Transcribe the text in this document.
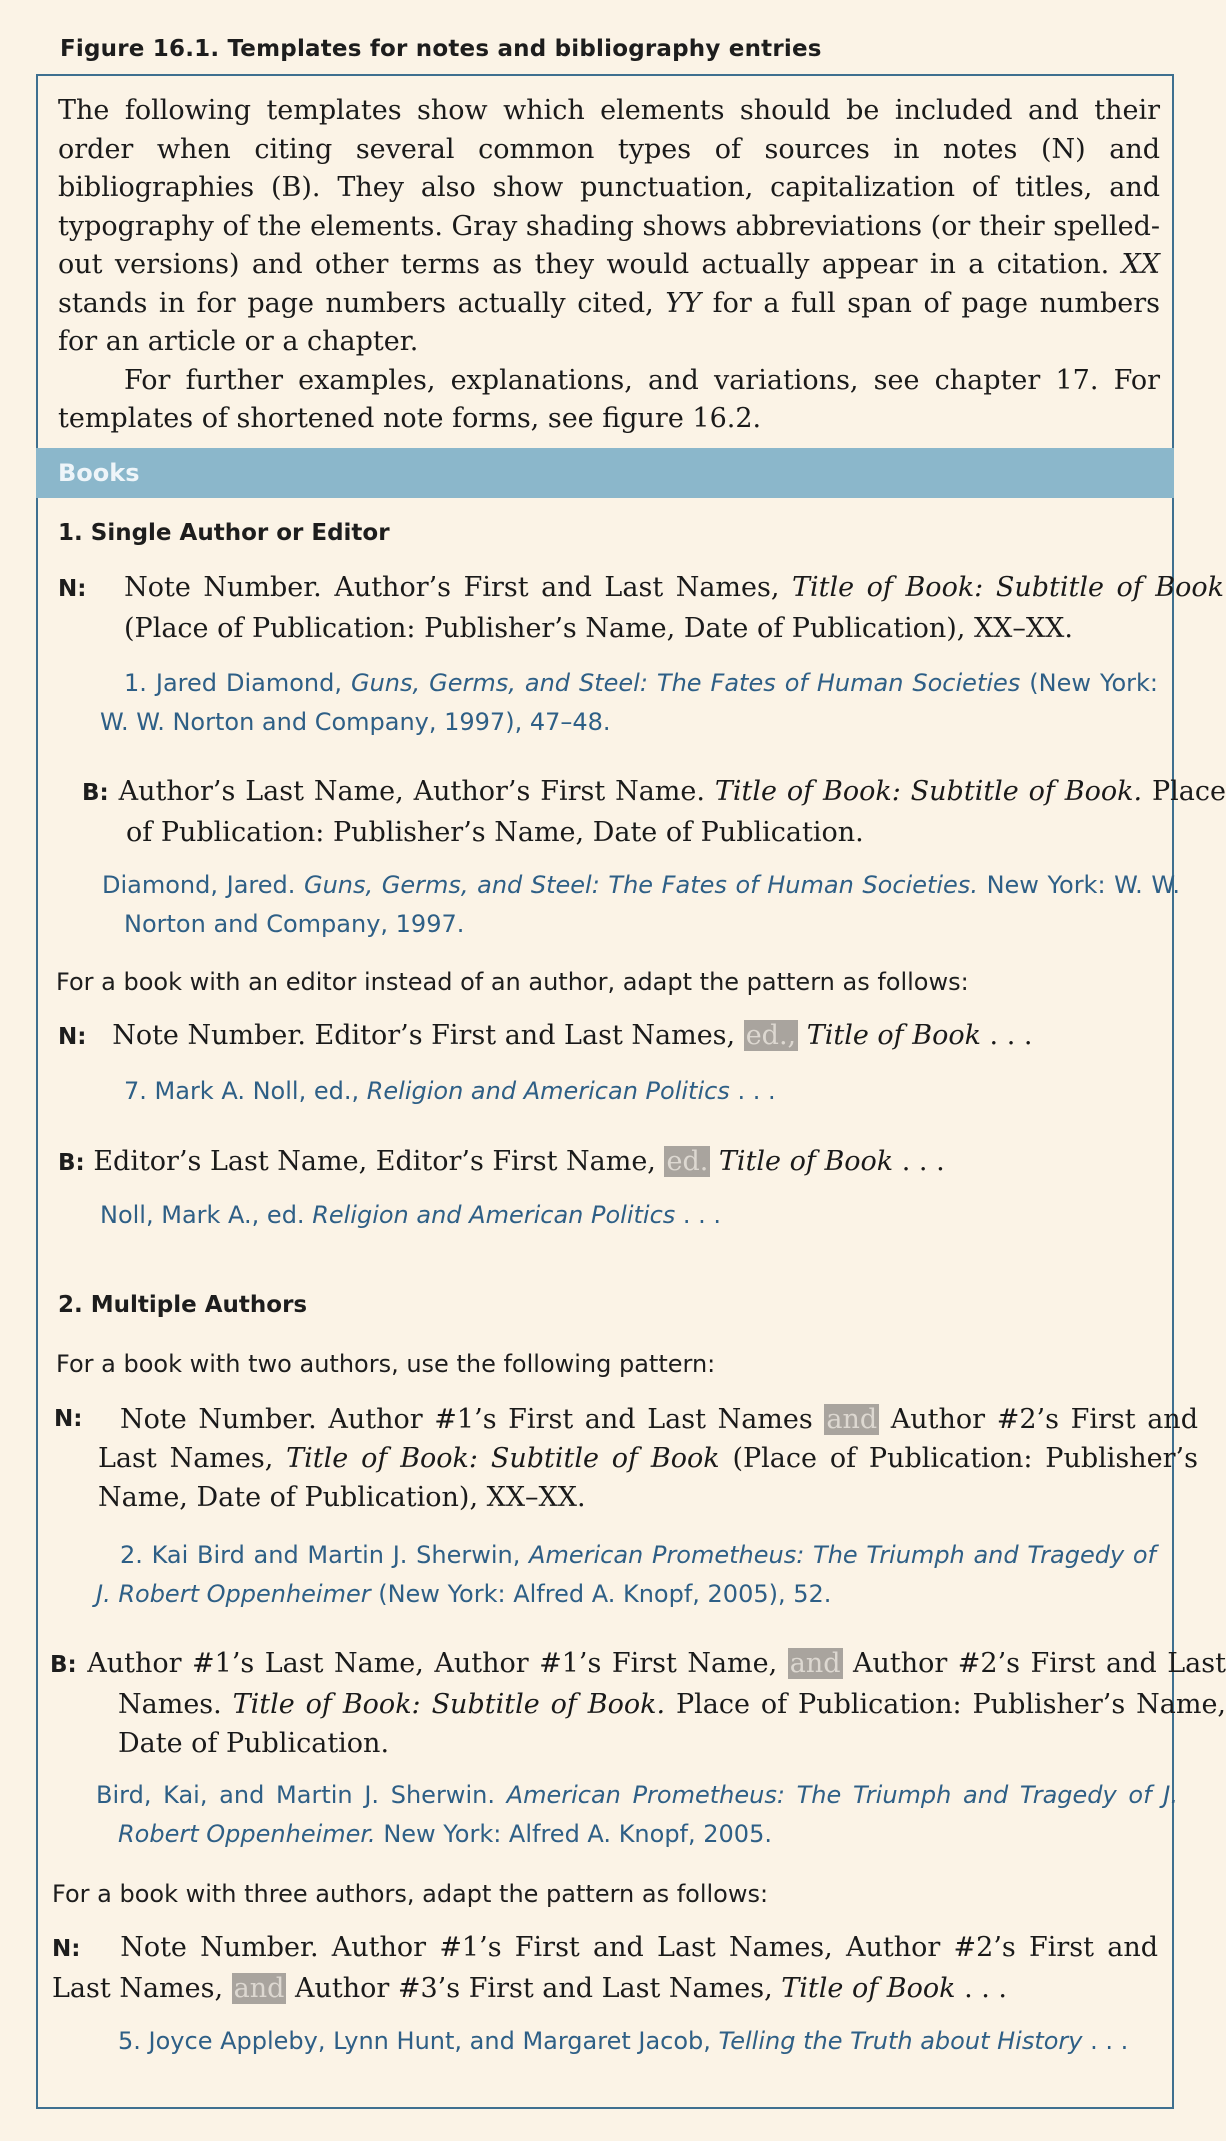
Figure 16.1. Templates for notes and bibliography entries

The following templates show which elements should be included and their order when citing several common types of sources in notes (N) and bibliographies (B). They also show punctuation, capitalization of titles, and typography of the elements. Gray shading shows abbreviations (or their spelled-out versions) and other terms as they would actually appear in a citation. XX stands in for page numbers actually cited, YY for a full span of page numbers for an article or a chapter.

For further examples, explanations, and variations, see chapter 17. For templates of shortened note forms, see figure 16.2.

Books
1. Single Author or Editor
N: Note Number. Author’s First and Last Names, Title of Book: Subtitle of Book (Place of Publication: Publisher’s Name, Date of Publication), XX–XX.
1. Jared Diamond, Guns, Germs, and Steel: The Fates of Human Societies (New York: W. W. Norton and Company, 1997), 47–48.
B: Author’s Last Name, Author’s First Name. Title of Book: Subtitle of Book. Place of Publication: Publisher’s Name, Date of Publication.
Diamond, Jared. Guns, Germs, and Steel: The Fates of Human Societies. New York: W. W. Norton and Company, 1997.
For a book with an editor instead of an author, adapt the pattern as follows:
N: Note Number. Editor’s First and Last Names, ed., Title of Book . . .
7. Mark A. Noll, ed., Religion and American Politics . . .
B: Editor’s Last Name, Editor’s First Name, ed. Title of Book . . .
Noll, Mark A., ed. Religion and American Politics . . .
2. Multiple Authors
For a book with two authors, use the following pattern:
N: Note Number. Author #1’s First and Last Names and Author #2’s First and Last Names, Title of Book: Subtitle of Book (Place of Publication: Publisher’s Name, Date of Publication), XX–XX.
2. Kai Bird and Martin J. Sherwin, American Prometheus: The Triumph and Tragedy of J. Robert Oppenheimer (New York: Alfred A. Knopf, 2005), 52.
B: Author #1’s Last Name, Author #1’s First Name, and Author #2’s First and Last Names. Title of Book: Subtitle of Book. Place of Publication: Publisher’s Name, Date of Publication.
Bird, Kai, and Martin J. Sherwin. American Prometheus: The Triumph and Tragedy of J. Robert Oppenheimer. New York: Alfred A. Knopf, 2005.
For a book with three authors, adapt the pattern as follows:
N: Note Number. Author #1’s First and Last Names, Author #2’s First and Last Names, and Author #3’s First and Last Names, Title of Book . . .
5. Joyce Appleby, Lynn Hunt, and Margaret Jacob, Telling the Truth about History . . .
